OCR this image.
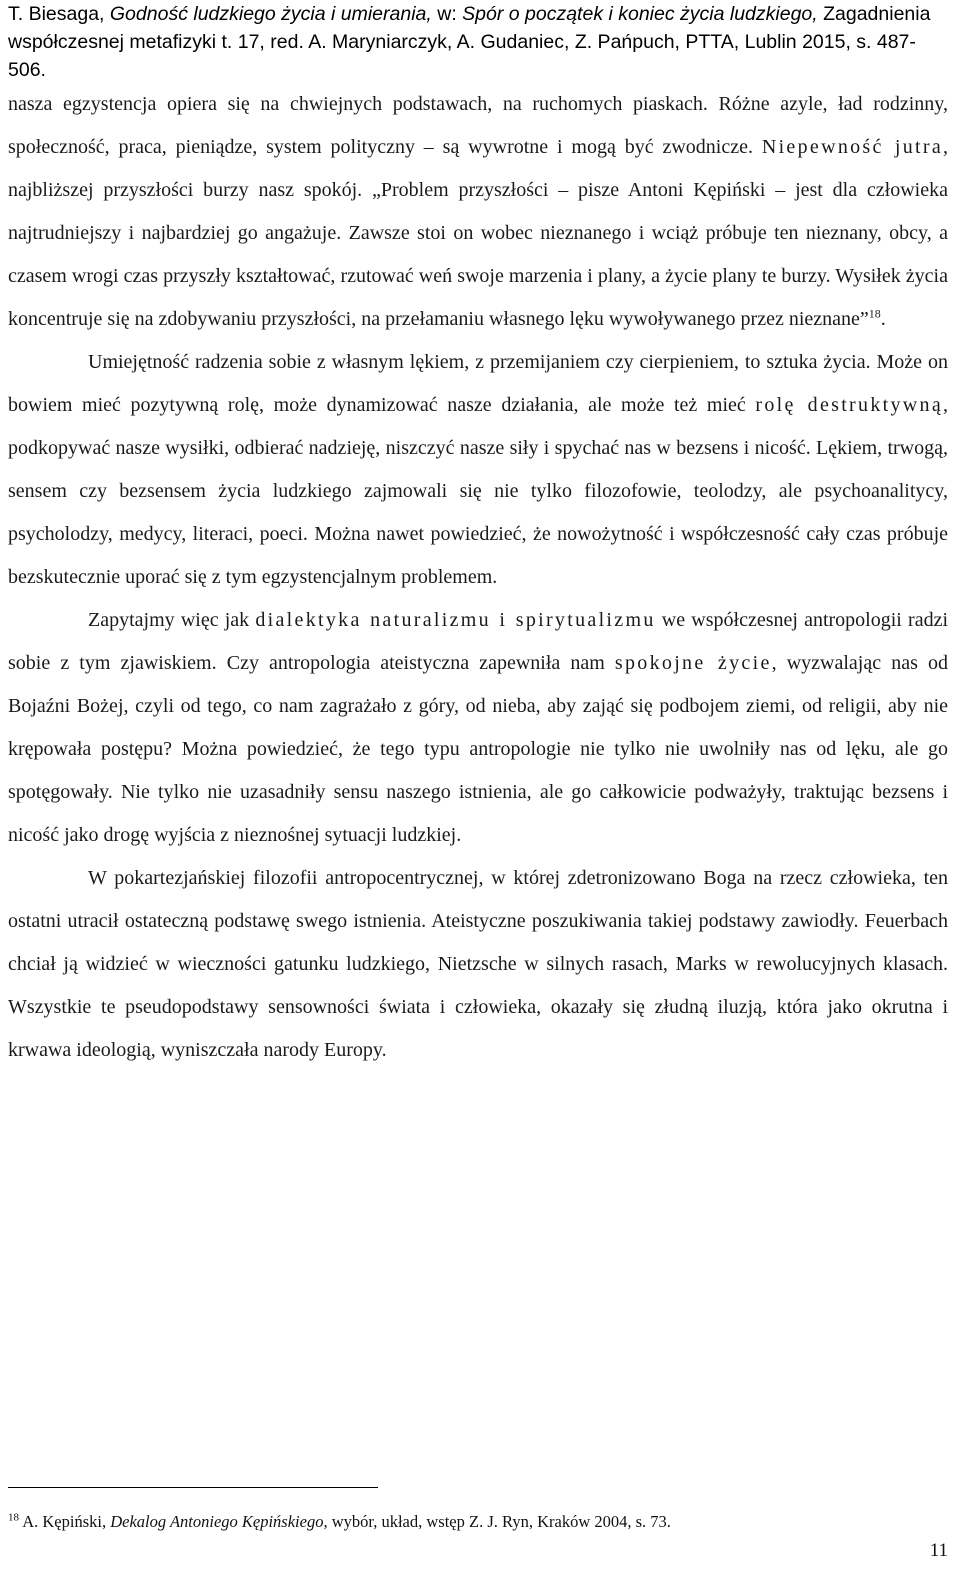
T. Biesaga, Godność ludzkiego życia i umierania, w: Spór o początek i koniec życia ludzkiego, Zagadnienia współczesnej metafizyki t. 17, red. A. Maryniarczyk, A. Gudaniec, Z. Pańpuch, PTTA, Lublin 2015, s. 487-506.

nasza egzystencja opiera się na chwiejnych podstawach, na ruchomych piaskach. Różne azyle, ład rodzinny, społeczność, praca, pieniądze, system polityczny – są wywrotne i mogą być zwodnicze. Niepewność jutra, najbliższej przyszłości burzy nasz spokój. „Problem przyszłości – pisze Antoni Kępiński – jest dla człowieka najtrudniejszy i najbardziej go angażuje. Zawsze stoi on wobec nieznanego i wciąż próbuje ten nieznany, obcy, a czasem wrogi czas przyszły kształtować, rzutować weń swoje marzenia i plany, a życie plany te burzy. Wysiłek życia koncentruje się na zdobywaniu przyszłości, na przełamaniu własnego lęku wywoływanego przez nieznane”$^{18}$.

Umiejętność radzenia sobie z własnym lękiem, z przemijaniem czy cierpieniem, to sztuka życia. Może on bowiem mieć pozytywną rolę, może dynamizować nasze działania, ale może też mieć rolę destruktywną, podkopywać nasze wysiłki, odbierać nadzieję, niszczyć nasze siły i spychać nas w bezsens i nicość. Lękiem, trwogą, sensem czy bezsensem życia ludzkiego zajmowali się nie tylko filozofowie, teolodzy, ale psychoanalitycy, psycholodzy, medycy, literaci, poeci. Można nawet powiedzieć, że nowożytność i współczesność cały czas próbuje bezskutecznie uporać się z tym egzystencjalnym problemem.

Zapytajmy więc jak dialektyka naturalizmu i spirytualizmu we współczesnej antropologii radzi sobie z tym zjawiskiem. Czy antropologia ateistyczna zapewniła nam spokojne życie, wyzwalając nas od Bojaźni Bożej, czyli od tego, co nam zagrażało z góry, od nieba, aby zająć się podbojem ziemi, od religii, aby nie krępowała postępu? Można powiedzieć, że tego typu antropologie nie tylko nie uwolniły nas od lęku, ale go spotęgowały. Nie tylko nie uzasadniły sensu naszego istnienia, ale go całkowicie podważyły, traktując bezsens i nicość jako drogę wyjścia z nieznośnej sytuacji ludzkiej.

W pokartezjańskiej filozofii antropocentrycznej, w której zdetronizowano Boga na rzecz człowieka, ten ostatni utracił ostateczną podstawę swego istnienia. Ateistyczne poszukiwania takiej podstawy zawiodły. Feuerbach chciał ją widzieć w wieczności gatunku ludzkiego, Nietzsche w silnych rasach, Marks w rewolucyjnych klasach. Wszystkie te pseudopodstawy sensowności świata i człowieka, okazały się złudną iluzją, która jako okrutna i krwawa ideologią, wyniszczała narody Europy.

$^{18}$ A. Kępiński, Dekalog Antoniego Kępińskiego, wybór, układ, wstęp Z. J. Ryn, Kraków 2004, s. 73.

11
